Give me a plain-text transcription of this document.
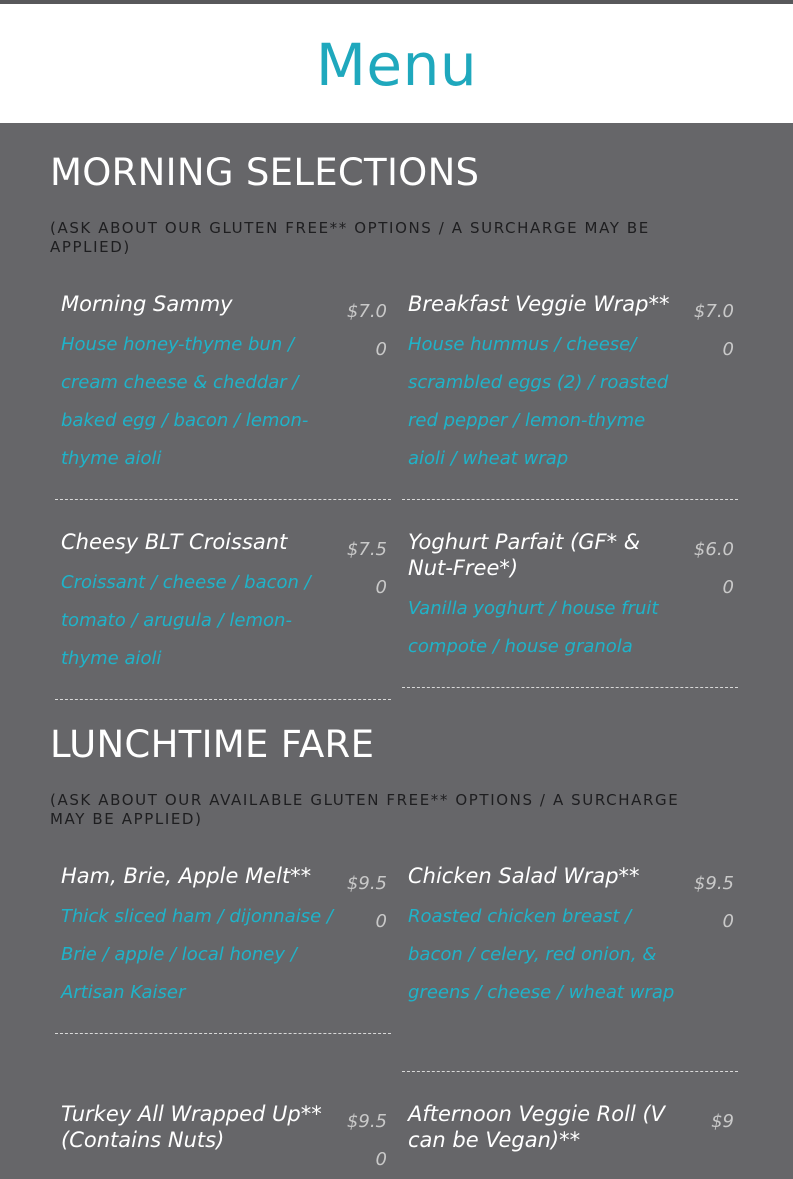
Menu
MORNING SELECTIONS

(ASK ABOUT OUR GLUTEN FREE** OPTIONS / A SURCHARGE MAY BE APPLIED)

Morning Sammy	$7.00
House honey-thyme bun / cream cheese & cheddar / baked egg / bacon / lemon-thyme aioli
Breakfast Veggie Wrap**	$7.00
House hummus / cheese/ scrambled eggs (2) / roasted red pepper / lemon-thyme aioli / wheat wrap
Cheesy BLT Croissant	$7.50
Croissant / cheese / bacon / tomato / arugula / lemon-thyme aioli
Yoghurt Parfait (GF* & Nut-Free*)
$6.00
Vanilla yoghurt / house fruit compote / house granola
LUNCHTIME FARE

(ASK ABOUT OUR AVAILABLE GLUTEN FREE** OPTIONS / A SURCHARGE MAY BE APPLIED)

Ham, Brie, Apple Melt**	$9.50
Thick sliced ham / dijonnaise / Brie / apple / local honey / Artisan Kaiser
Chicken Salad Wrap**	$9.50
Roasted chicken breast / bacon / celery, red onion, & greens / cheese / wheat wrap
Turkey All Wrapped Up** (Contains Nuts)
$9.50
Afternoon Veggie Roll (V can be Vegan)**
$9
